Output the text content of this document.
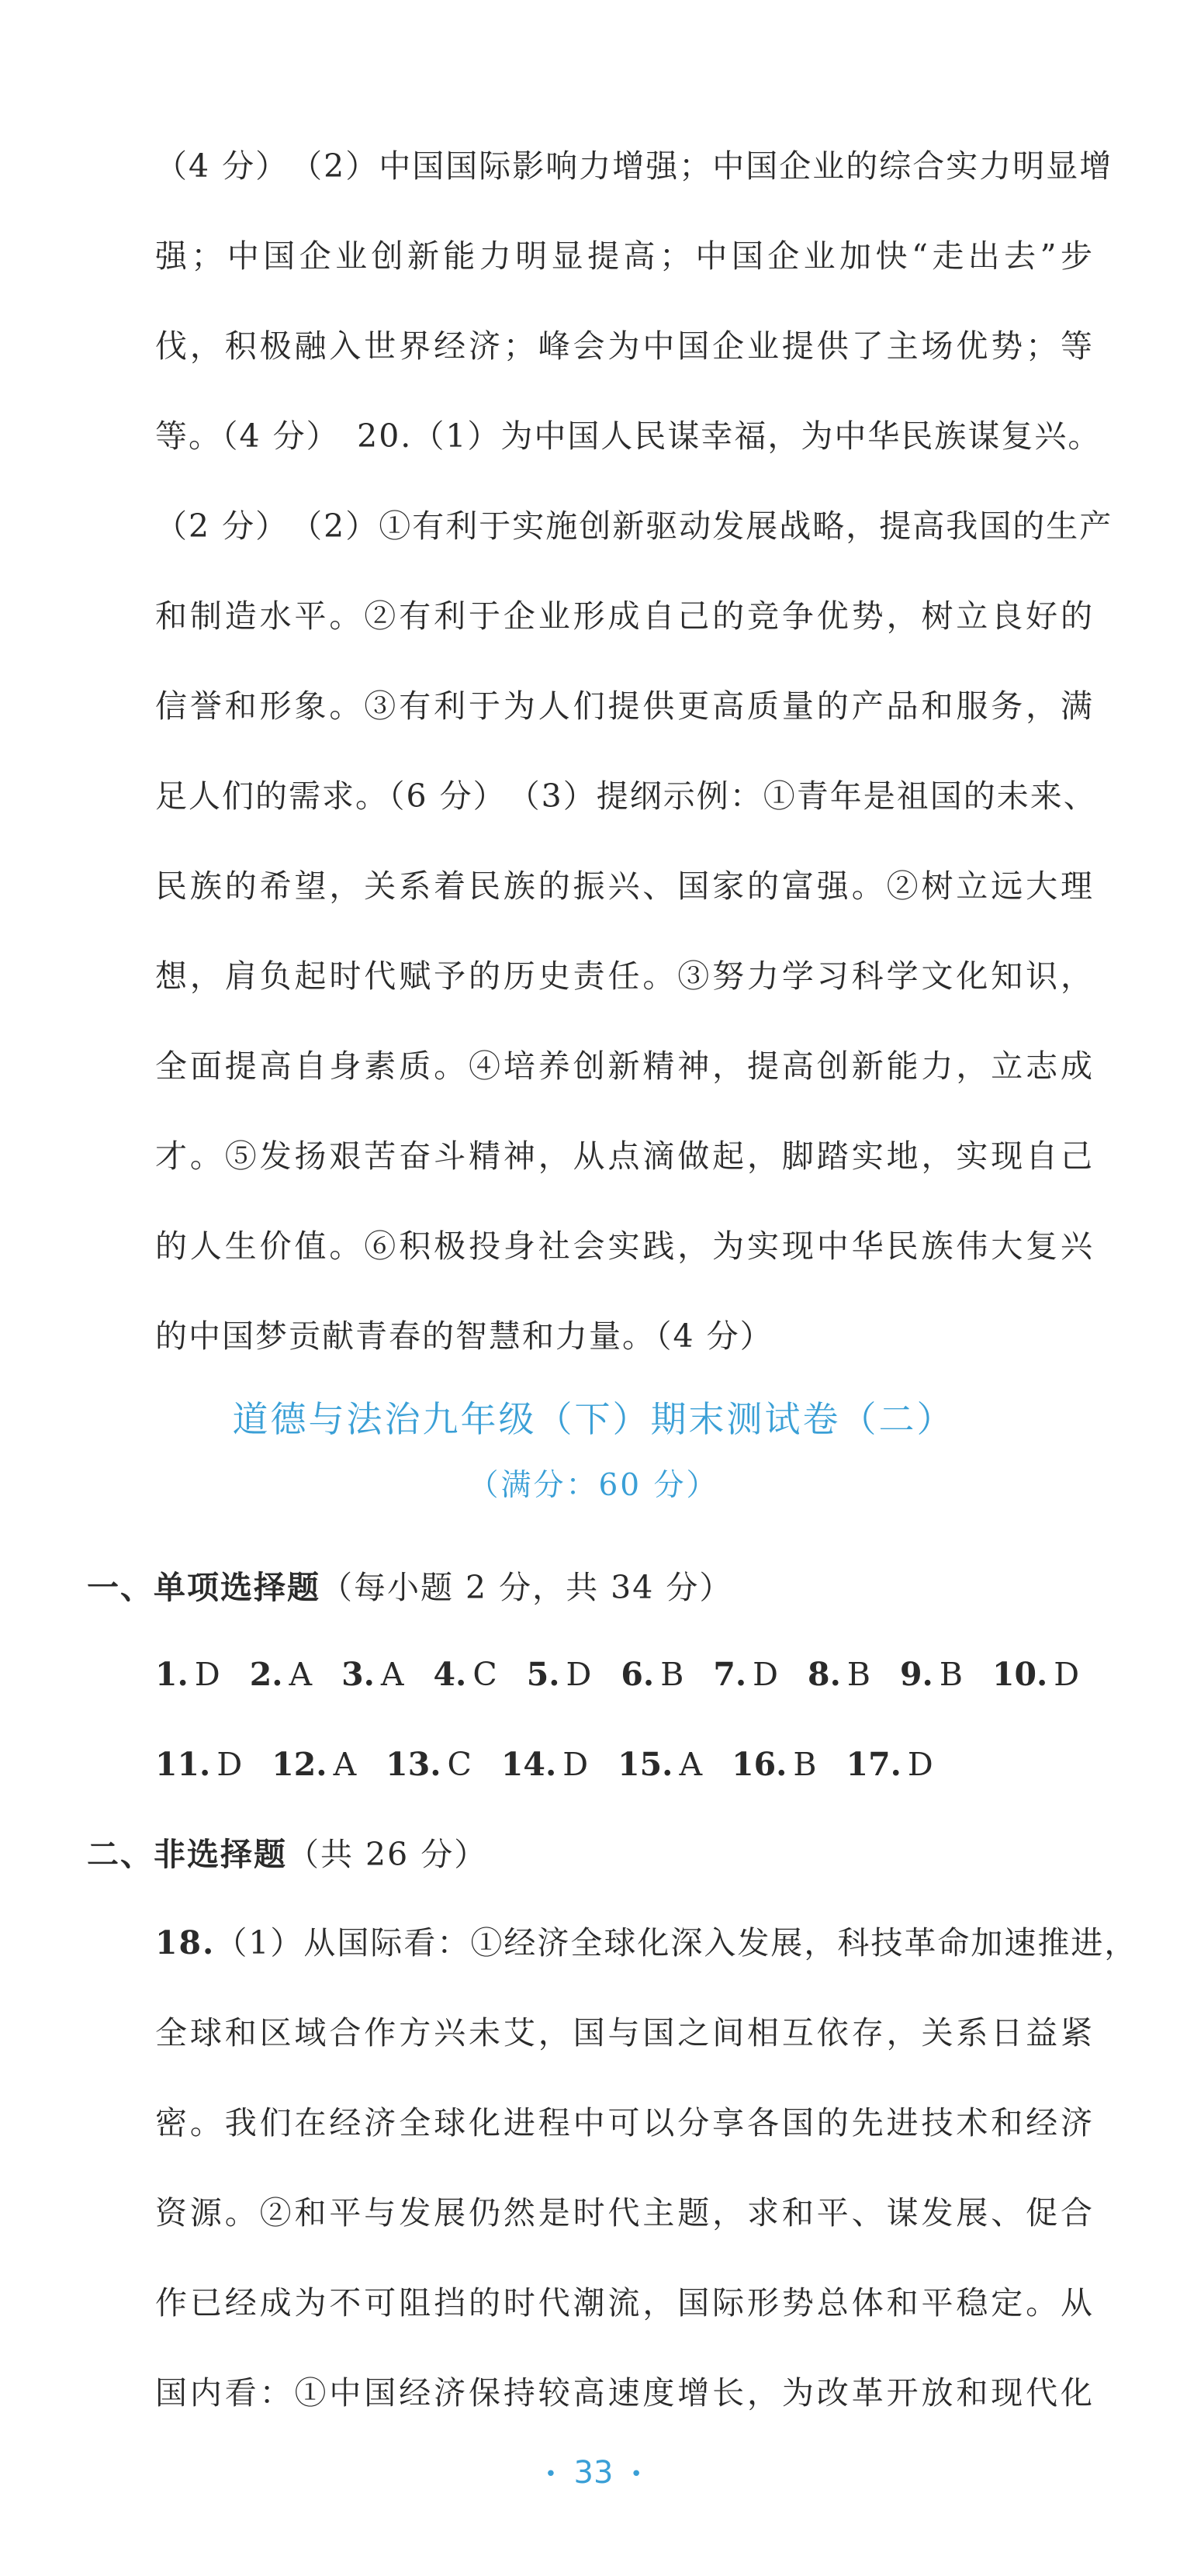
（4 分）　（2）中国国际影响力增强；中国企业的综合实力明显增
强；中国企业创新能力明显提高；中国企业加快“走出去”步
伐，积极融入世界经济；峰会为中国企业提供了主场优势；等
等。（4 分）　20.（1）为中国人民谋幸福，为中华民族谋复兴。
（2 分）　（2）①有利于实施创新驱动发展战略，提高我国的生产
和制造水平。②有利于企业形成自己的竞争优势，树立良好的
信誉和形象。③有利于为人们提供更高质量的产品和服务，满
足人们的需求。（6 分）　（3）提纲示例：①青年是祖国的未来、
民族的希望，关系着民族的振兴、国家的富强。②树立远大理
想，肩负起时代赋予的历史责任。③努力学习科学文化知识，
全面提高自身素质。④培养创新精神，提高创新能力，立志成
才。⑤发扬艰苦奋斗精神，从点滴做起，脚踏实地，实现自己
的人生价值。⑥积极投身社会实践，为实现中华民族伟大复兴
的中国梦贡献青春的智慧和力量。（4 分）
道德与法治九年级（下）期末测试卷（二）
（满分：60 分）
一、单项选择题（每小题 2 分，共 34 分）
1. D 2. A 3. A 4. C 5. D 6. B 7. D 8. B 9. B 10. D
11. D 12. A 13. C 14. D 15. A 16. B 17. D
二、非选择题（共 26 分）
18.（1）从国际看：①经济全球化深入发展，科技革命加速推进，
全球和区域合作方兴未艾，国与国之间相互依存，关系日益紧
密。我们在经济全球化进程中可以分享各国的先进技术和经济
资源。②和平与发展仍然是时代主题，求和平、谋发展、促合
作已经成为不可阻挡的时代潮流，国际形势总体和平稳定。从
国内看：①中国经济保持较高速度增长，为改革开放和现代化
• 33 •
